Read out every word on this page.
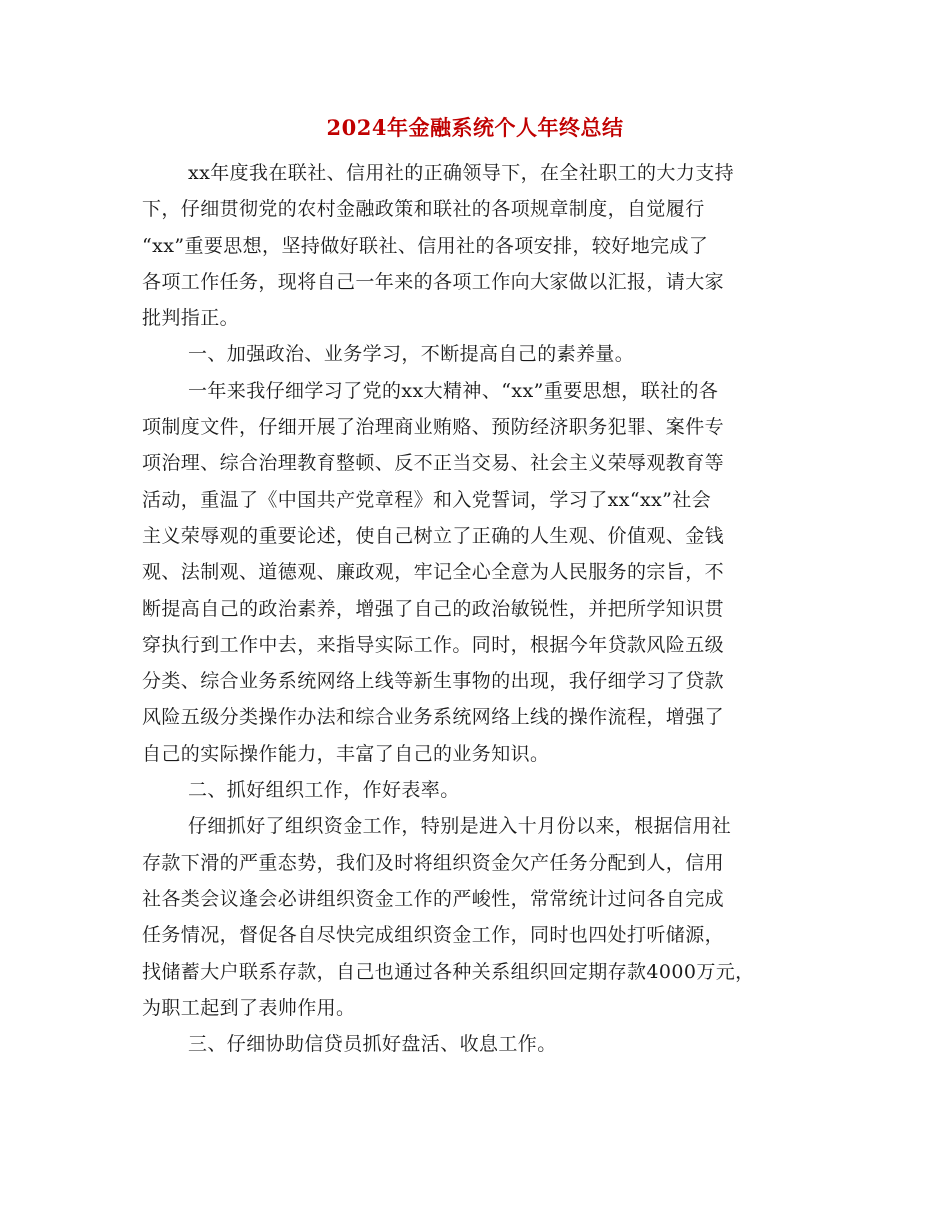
2024年金融系统个人年终总结
xx年度我在联社、信用社的正确领导下，在全社职工的大力支持
下，仔细贯彻党的农村金融政策和联社的各项规章制度，自觉履行
“xx”重要思想，坚持做好联社、信用社的各项安排，较好地完成了
各项工作任务，现将自己一年来的各项工作向大家做以汇报，请大家
批判指正。
一、加强政治、业务学习，不断提高自己的素养量。
一年来我仔细学习了党的xx大精神、“xx”重要思想，联社的各
项制度文件，仔细开展了治理商业贿赂、预防经济职务犯罪、案件专
项治理、综合治理教育整顿、反不正当交易、社会主义荣辱观教育等
活动，重温了《中国共产党章程》和入党誓词，学习了xx“xx”社会
主义荣辱观的重要论述，使自己树立了正确的人生观、价值观、金钱
观、法制观、道德观、廉政观，牢记全心全意为人民服务的宗旨，不
断提高自己的政治素养，增强了自己的政治敏锐性，并把所学知识贯
穿执行到工作中去，来指导实际工作。同时，根据今年贷款风险五级
分类、综合业务系统网络上线等新生事物的出现，我仔细学习了贷款
风险五级分类操作办法和综合业务系统网络上线的操作流程，增强了
自己的实际操作能力，丰富了自己的业务知识。
二、抓好组织工作，作好表率。
仔细抓好了组织资金工作，特别是进入十月份以来，根据信用社
存款下滑的严重态势，我们及时将组织资金欠产任务分配到人，信用
社各类会议逢会必讲组织资金工作的严峻性，常常统计过问各自完成
任务情况，督促各自尽快完成组织资金工作，同时也四处打听储源，
找储蓄大户联系存款，自己也通过各种关系组织回定期存款4000万元，
为职工起到了表帅作用。
三、仔细协助信贷员抓好盘活、收息工作。
